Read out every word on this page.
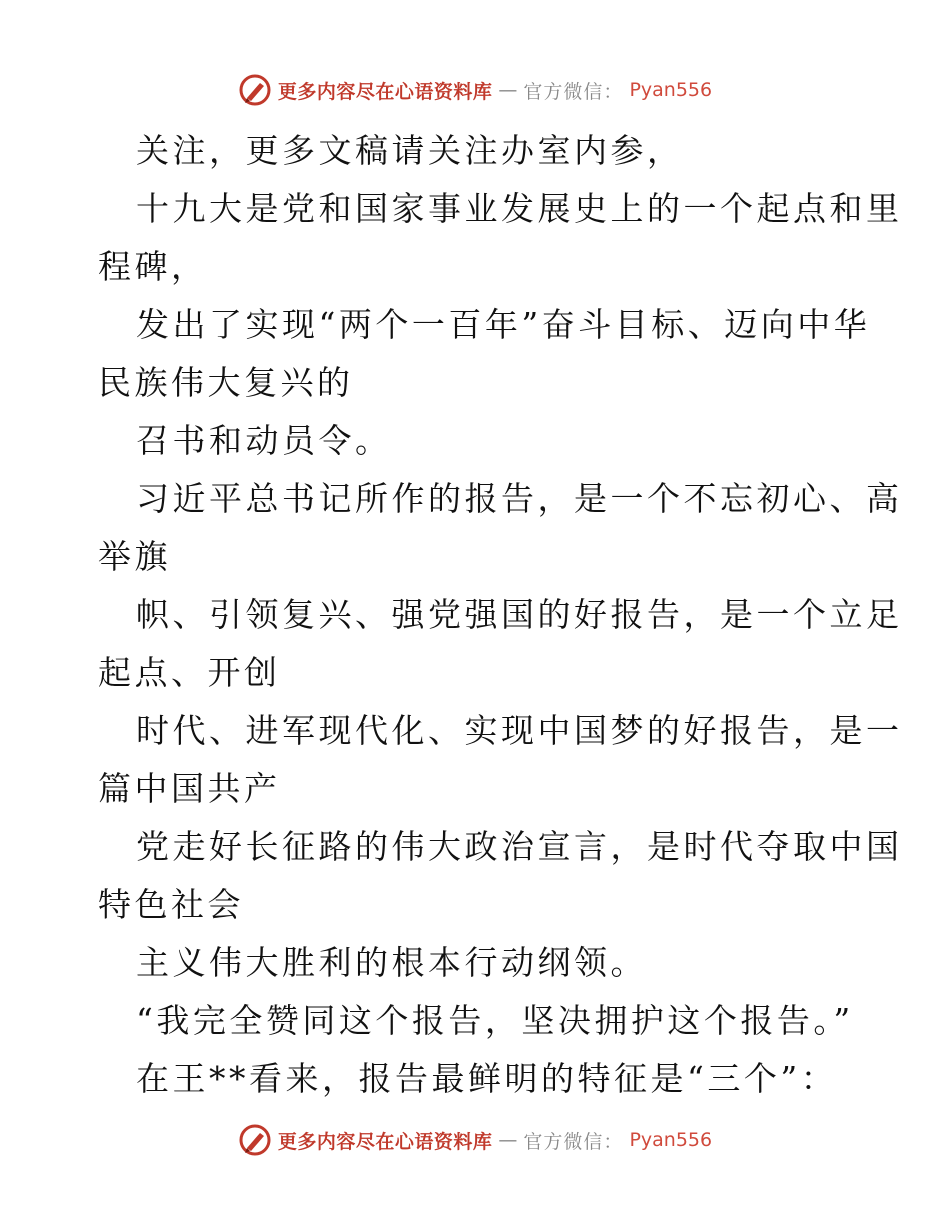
更多内容尽在心语资料库 — 官方微信： Pyan556
关注，更多文稿请关注办室内参，
十九大是党和国家事业发展史上的一个起点和里
程碑，
发出了实现“两个一百年”奋斗目标、迈向中华
民族伟大复兴的
召书和动员令。
习近平总书记所作的报告，是一个不忘初心、高
举旗
帜、引领复兴、强党强国的好报告，是一个立足
起点、开创
时代、进军现代化、实现中国梦的好报告，是一
篇中国共产
党走好长征路的伟大政治宣言，是时代夺取中国
特色社会
主义伟大胜利的根本行动纲领。
“我完全赞同这个报告，坚决拥护这个报告。”
在王**看来，报告最鲜明的特征是“三个”：
更多内容尽在心语资料库 — 官方微信： Pyan556
